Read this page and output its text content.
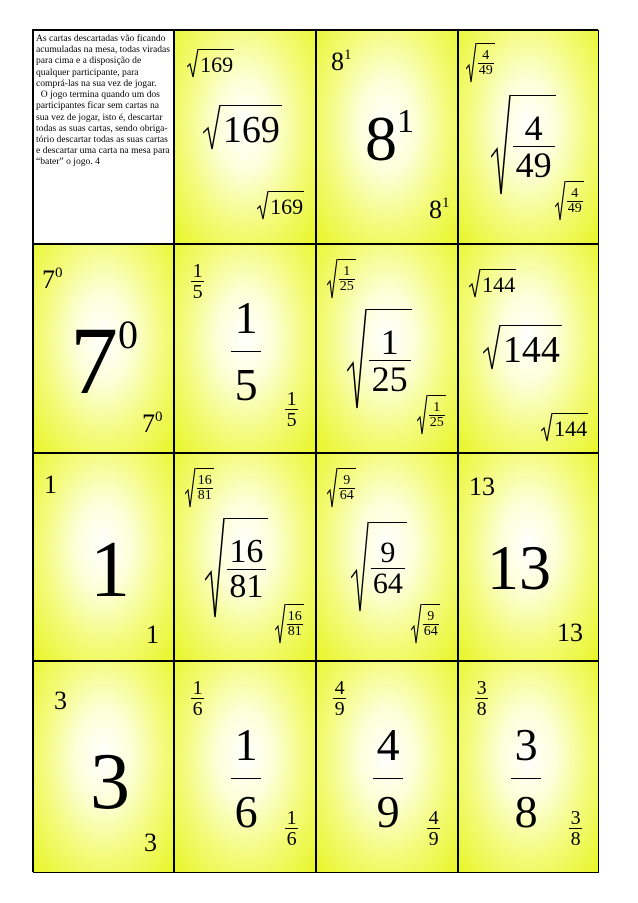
As cartas descartadas vão ficando acumuladas na mesa, todas viradas para cima e a disposição de qualquer participante, para comprá-las na sua vez de jogar.
O jogo termina quando um dos participantes ficar sem cartas na sua vez de jogar, isto é, descartar todas as suas cartas, sendo obriga-tório descartar todas as suas cartas e descartar uma carta na mesa para “bater” o jogo. 4
169
169
169
$8^1$
$8^1$
$8^1$
$\frac{4}{49}$
$\frac{4}{49}$
$\frac{4}{49}$
$7^0$
$7^0$
$7^0$
$\frac{1}{5}$
$\frac{1}{5}$
$\frac{1}{5}$
$\frac{1}{25}$
$\frac{1}{25}$
$\frac{1}{25}$
144
144
144
1
1
1
$\frac{16}{81}$
$\frac{16}{81}$
$\frac{16}{81}$
$\frac{9}{64}$
$\frac{9}{64}$
$\frac{9}{64}$
13
13
13
3
3
3
$\frac{1}{6}$
$\frac{1}{6} \frac{1}{6}$
$\frac{4}{9}$
$\frac{4}{9} \frac{4}{9}$
$\frac{3}{8}$
$\frac{3}{8} \frac{3}{8}$
